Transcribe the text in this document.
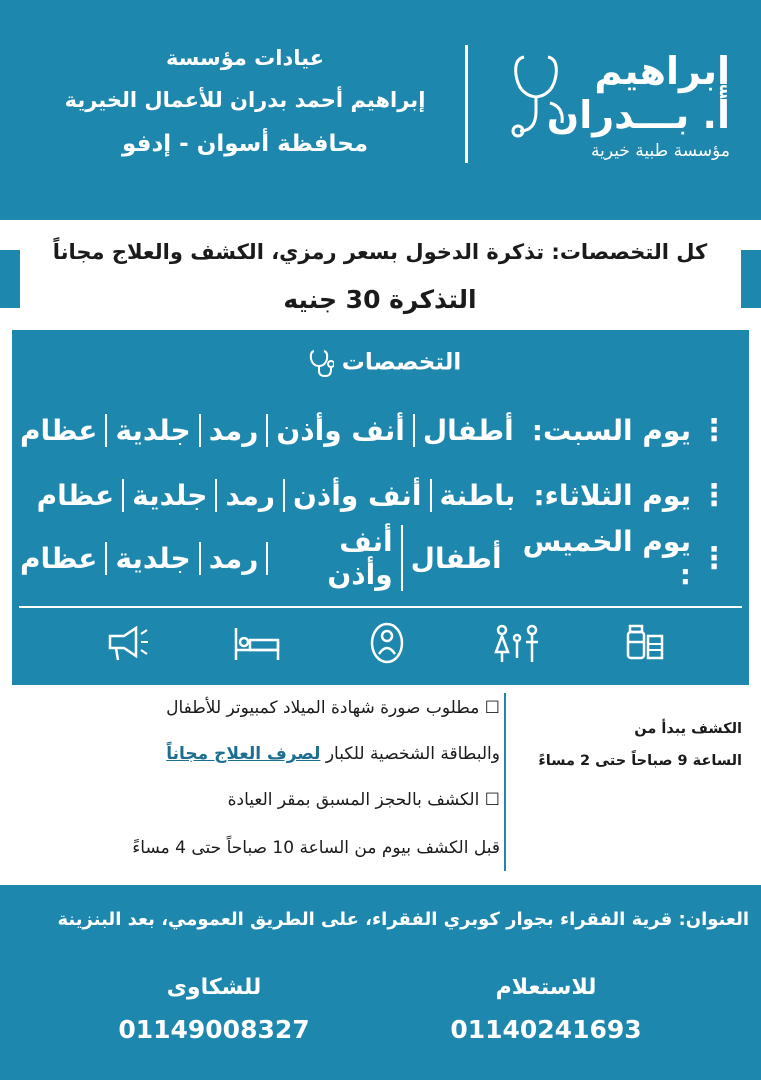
إبراهيم
أ. بـــدران
مؤسسة طبية خيرية
عيادات مؤسسة
إبراهيم أحمد بدران للأعمال الخيرية
محافظة أسوان - إدفو
كل التخصصات: تذكرة الدخول بسعر رمزي، الكشف والعلاج مجاناً
التذكرة 30 جنيه
التخصصات
⋮
يوم السبت:
أطفال
أنف وأذن
رمد
جلدية
عظام
⋮
يوم الثلاثاء:
باطنة
أنف وأذن
رمد
جلدية
عظام
⋮
يوم الخميس :
أطفال
أنف وأذن
رمد
جلدية
عظام
☐ مطلوب صورة شهادة الميلاد كمبيوتر للأطفال
والبطاقة الشخصية للكبار لصرف العلاج مجاناً
☐ الكشف بالحجز المسبق بمقر العيادة
قبل الكشف بيوم من الساعة 10 صباحاً حتى 4 مساءً
الكشف يبدأ من
الساعة 9 صباحاً حتى 2 مساءً
العنوان: قرية الفقراء بجوار كوبري الفقراء، على الطريق العمومي، بعد البنزينة
للاستعلام
01140241693
للشكاوى
01149008327
